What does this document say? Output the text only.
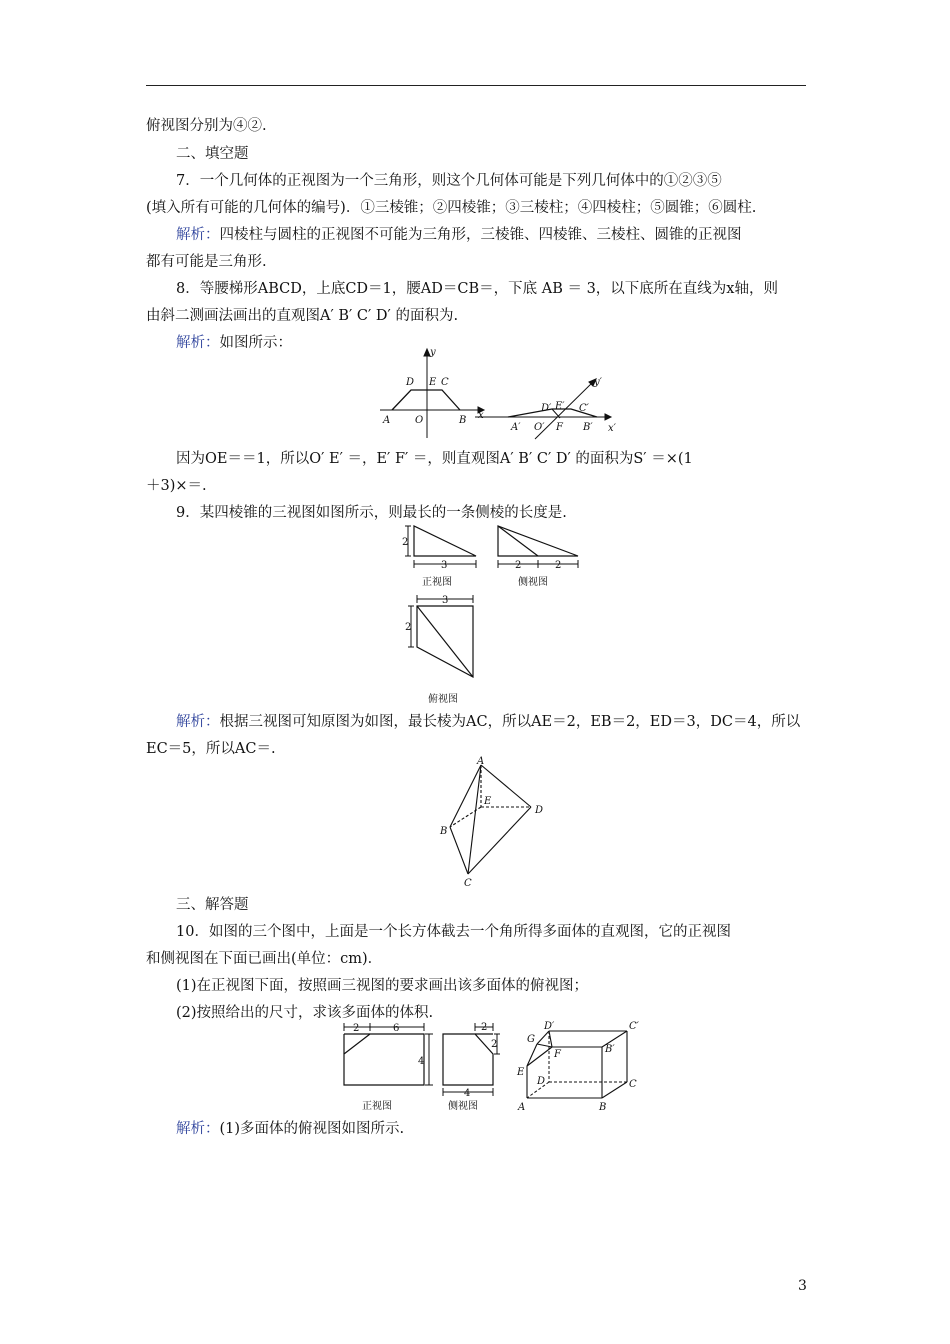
俯视图分别为④②.
二、填空题
7．一个几何体的正视图为一个三角形，则这个几何体可能是下列几何体中的①②③⑤
(填入所有可能的几何体的编号)．①三棱锥；②四棱锥；③三棱柱；④四棱柱；⑤圆锥；⑥圆柱.
解析：四棱柱与圆柱的正视图不可能为三角形，三棱锥、四棱锥、三棱柱、圆锥的正视图
都有可能是三角形.
8．等腰梯形ABCD，上底CD＝1，腰AD＝CB＝，下底 AB ＝ 3，以下底所在直线为x轴，则
由斜二测画法画出的直观图A′ B′ C′ D′ 的面积为.
解析：如图所示：
y
x
D E C
A O	B
y′
x′
D′ E′ C′
A′ O′ F B′
因为OE＝＝1，所以O′ E′ ＝，E′ F′ ＝，则直观图A′ B′ C′ D′ 的面积为S′ ＝×(1
＋3)×＝.
9．某四棱锥的三视图如图所示，则最长的一条侧棱的长度是.
2
3
正视图
2	2
侧视图
3
2
俯视图
解析：根据三视图可知原图为如图，最长棱为AC，所以AE＝2，EB＝2，ED＝3，DC＝4，所以
EC＝5，所以AC＝.
A
E
D
B
C
三、解答题
10．如图的三个图中，上面是一个长方体截去一个角所得多面体的直观图，它的正视图
和侧视图在下面已画出(单位：cm)．
(1)在正视图下面，按照画三视图的要求画出该多面体的俯视图；
(2)按照给出的尺寸，求该多面体的体积.
2	6
4
正视图
2
2
4
侧视图
D′	C′
G
F	B′
E
D	C
A	B
解析：(1)多面体的俯视图如图所示.
3
